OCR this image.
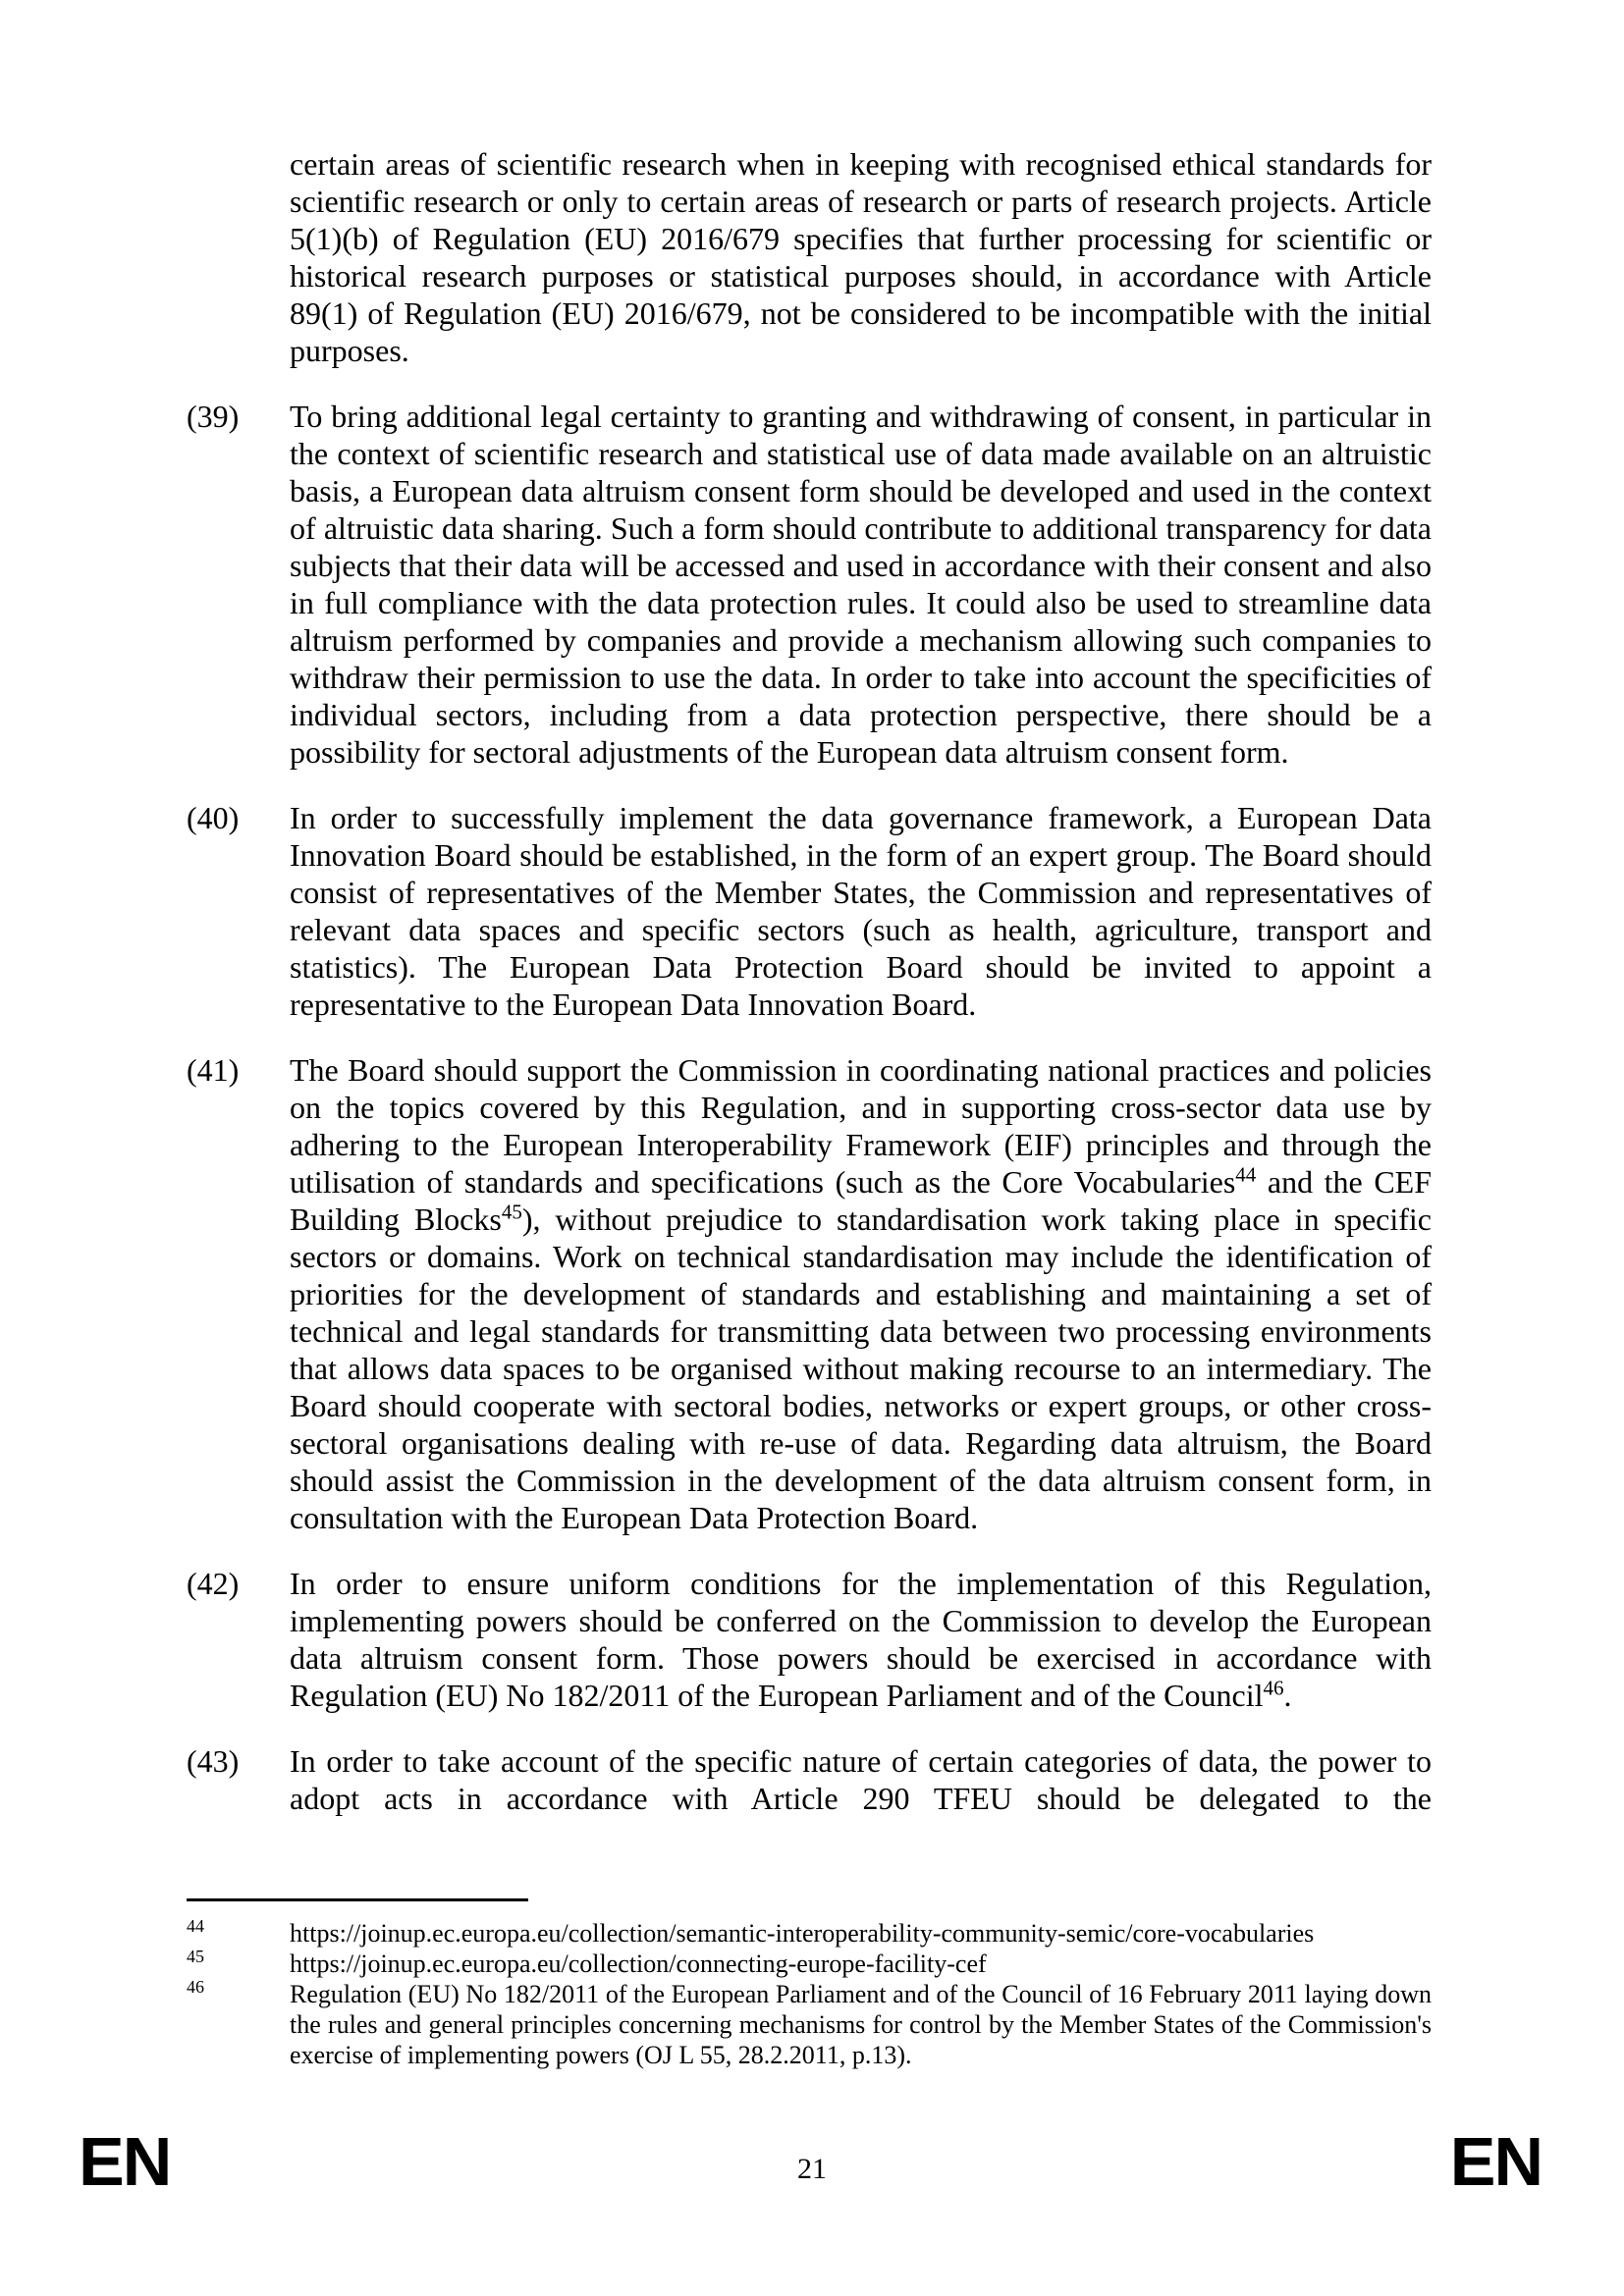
certain areas of scientific research when in keeping with recognised ethical standards for scientific research or only to certain areas of research or parts of research projects. Article 5(1)(b) of Regulation (EU) 2016/679 specifies that further processing for scientific or historical research purposes or statistical purposes should, in accordance with Article 89(1) of Regulation (EU) 2016/679, not be considered to be incompatible with the initial purposes.
(39)	To bring additional legal certainty to granting and withdrawing of consent, in particular in the context of scientific research and statistical use of data made available on an altruistic basis, a European data altruism consent form should be developed and used in the context of altruistic data sharing. Such a form should contribute to additional transparency for data subjects that their data will be accessed and used in accordance with their consent and also in full compliance with the data protection rules. It could also be used to streamline data altruism performed by companies and provide a mechanism allowing such companies to withdraw their permission to use the data. In order to take into account the specificities of individual sectors, including from a data protection perspective, there should be a possibility for sectoral adjustments of the European data altruism consent form.
(40)	In order to successfully implement the data governance framework, a European Data Innovation Board should be established, in the form of an expert group. The Board should consist of representatives of the Member States, the Commission and representatives of relevant data spaces and specific sectors (such as health, agriculture, transport and statistics). The European Data Protection Board should be invited to appoint a representative to the European Data Innovation Board.
(41)	The Board should support the Commission in coordinating national practices and policies on the topics covered by this Regulation, and in supporting cross-sector data use by adhering to the European Interoperability Framework (EIF) principles and through the utilisation of standards and specifications (such as the Core Vocabularies$^{44}$ and the CEF Building Blocks$^{45}$), without prejudice to standardisation work taking place in specific sectors or domains. Work on technical standardisation may include the identification of priorities for the development of standards and establishing and maintaining a set of technical and legal standards for transmitting data between two processing environments that allows data spaces to be organised without making recourse to an intermediary. The Board should cooperate with sectoral bodies, networks or expert groups, or other cross-sectoral organisations dealing with re-use of data. Regarding data altruism, the Board should assist the Commission in the development of the data altruism consent form, in consultation with the European Data Protection Board.
(42)	In order to ensure uniform conditions for the implementation of this Regulation, implementing powers should be conferred on the Commission to develop the European data altruism consent form. Those powers should be exercised in accordance with Regulation (EU) No 182/2011 of the European Parliament and of the Council$^{46}$.
(43)	In order to take account of the specific nature of certain categories of data, the power to adopt acts in accordance with Article 290 TFEU should be delegated to the
44	https://joinup.ec.europa.eu/collection/semantic-interoperability-community-semic/core-vocabularies
45	https://joinup.ec.europa.eu/collection/connecting-europe-facility-cef
46	Regulation (EU) No 182/2011 of the European Parliament and of the Council of 16 February 2011 laying down the rules and general principles concerning mechanisms for control by the Member States of the Commission's exercise of implementing powers (OJ L 55, 28.2.2011, p.13).
EN	21	EN
